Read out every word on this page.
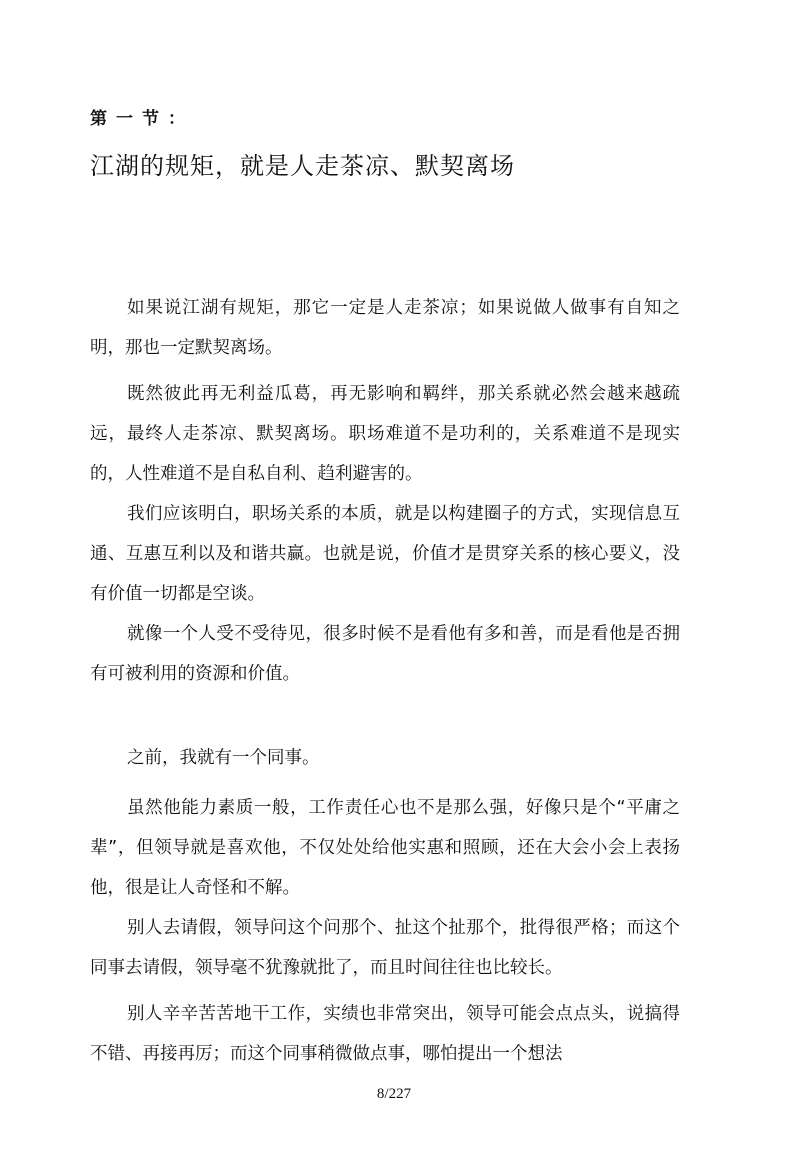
第一节：

江湖的规矩，就是人走茶凉、默契离场

如果说江湖有规矩，那它一定是人走茶凉；如果说做人做事有自知之明，那也一定默契离场。

既然彼此再无利益瓜葛，再无影响和羁绊，那关系就必然会越来越疏远，最终人走茶凉、默契离场。职场难道不是功利的，关系难道不是现实的，人性难道不是自私自利、趋利避害的。

我们应该明白，职场关系的本质，就是以构建圈子的方式，实现信息互通、互惠互利以及和谐共赢。也就是说，价值才是贯穿关系的核心要义，没有价值一切都是空谈。

就像一个人受不受待见，很多时候不是看他有多和善，而是看他是否拥有可被利用的资源和价值。

之前，我就有一个同事。

虽然他能力素质一般，工作责任心也不是那么强，好像只是个“平庸之辈”，但领导就是喜欢他，不仅处处给他实惠和照顾，还在大会小会上表扬他，很是让人奇怪和不解。

别人去请假，领导问这个问那个、扯这个扯那个，批得很严格；而这个同事去请假，领导毫不犹豫就批了，而且时间往往也比较长。

别人辛辛苦苦地干工作，实绩也非常突出，领导可能会点点头，说搞得不错、再接再厉；而这个同事稍微做点事，哪怕提出一个想法

8/227
